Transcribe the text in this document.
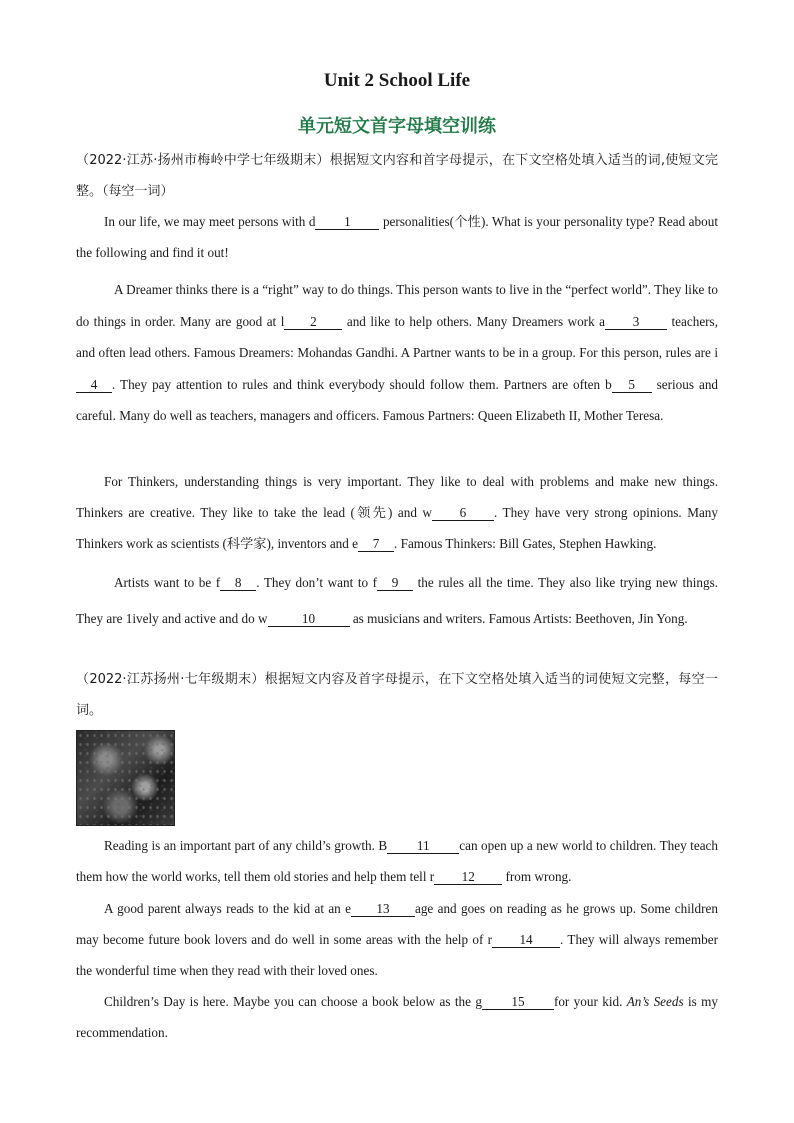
Unit 2 School Life
单元短文首字母填空训练
（2022·江苏·扬州市梅岭中学七年级期末）根据短文内容和首字母提示，在下文空格处填入适当的词,使短文完整。（每空一词）
In our life, we may meet persons with d 1 personalities(个性). What is your personality type? Read about the following and find it out!
A Dreamer thinks there is a “right” way to do things. This person wants to live in the “perfect world”. They like to do things in order. Many are good at l 2 and like to help others. Many Dreamers work a 3 teachers, and often lead others. Famous Dreamers: Mohandas Gandhi. A Partner wants to be in a group. For this person, rules are i4 . They pay attention to rules and think everybody should follow them. Partners are often b 5 serious and careful. Many do well as teachers, managers and officers. Famous Partners: Queen Elizabeth II, Mother Teresa.
For Thinkers, understanding things is very important. They like to deal with problems and make new things. Thinkers are creative. They like to take the lead (领先) and w 6 . They have very strong opinions. Many Thinkers work as scientists (科学家), inventors and e 7 . Famous Thinkers: Bill Gates, Stephen Hawking.
Artists want to be f 8 . They don’t want to f 9 the rules all the time. They also like trying new things. They are 1ively and active and do w	10	as musicians and writers. Famous Artists: Beethoven, Jin Yong.
（2022·江苏扬州·七年级期末）根据短文内容及首字母提示，在下文空格处填入适当的词使短文完整，每空一词。
Reading is an important part of any child’s growth. B 11 can open up a new world to children. They teach them how the world works, tell them old stories and help them tell r 12 from wrong.
A good parent always reads to the kid at an e 13 age and goes on reading as he grows up. Some children may become future book lovers and do well in some areas with the help of r 14 . They will always remember the wonderful time when they read with their loved ones.
Children’s Day is here. Maybe you can choose a book below as the g 15 for your kid. An’s Seeds is my recommendation.
